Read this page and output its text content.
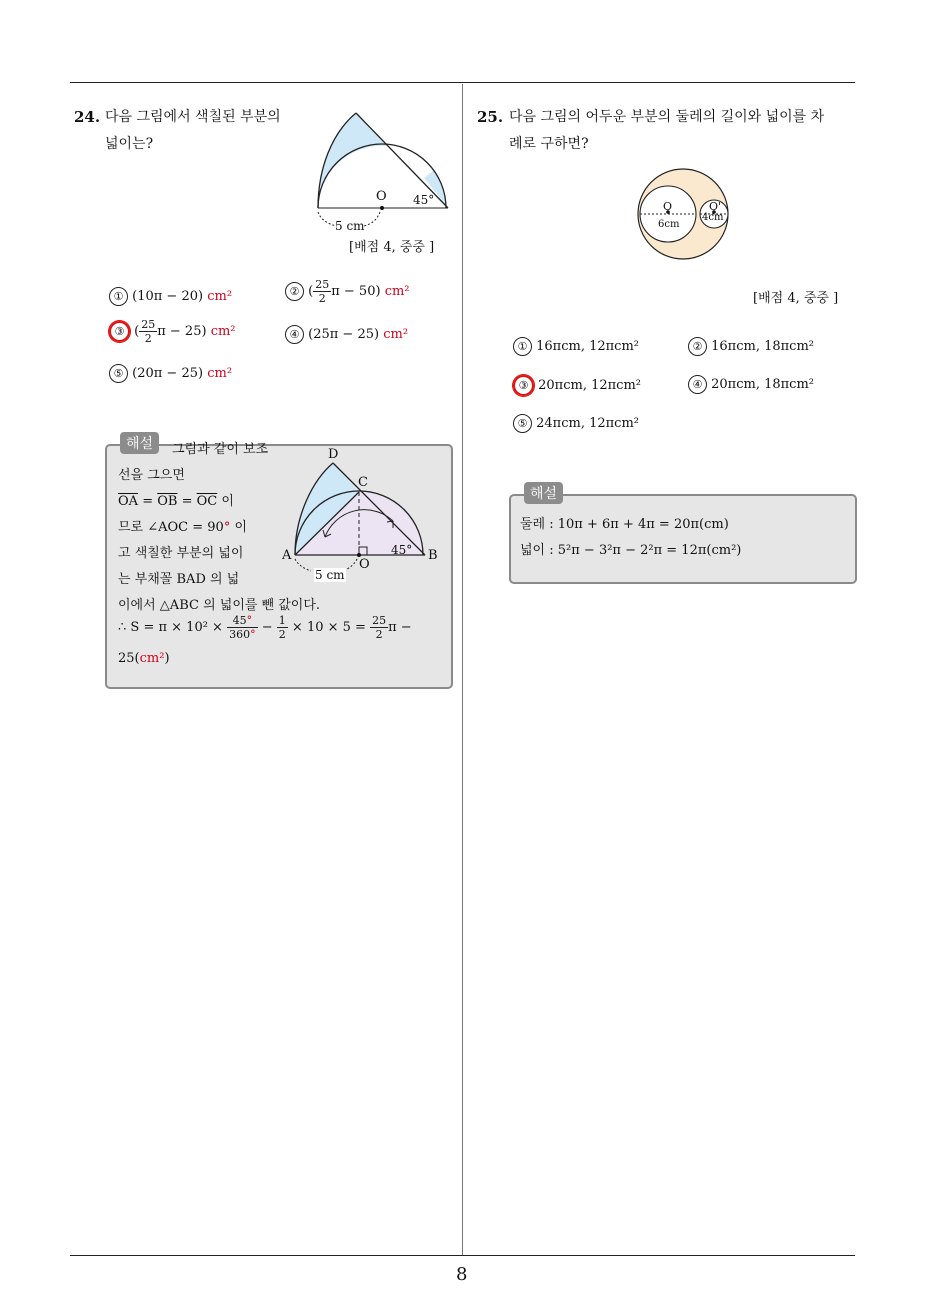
24. 다음 그림에서 색칠된 부분의
넓이는?
O 45°
5 cm
[배점 4, 중중 ]
① (10π − 20) cm²	② ( $\frac{25}{2}$ π − 50) cm²
③ ( $\frac{25}{2}$ π − 25) cm²	④ (25π − 25) cm²
⑤ (20π − 25) cm²
해설	그림과 같이 보조
선을 그으면
$\overline{OA} = \overline{OB} = \overline{OC}$ 이
므로 ∠AOC = 90° 이
고 색칠한 부분의 넓이
는 부채꼴 BAD 의 넓
이에서 △ABC 의 넓이를 뺀 값이다.
∴ $S = \pi \times 10^2 \times \frac{45^\circ}{360^\circ} - \frac{1}{2} \times 10 \times 5 = \frac{25}{2}$ π −
25(cm²)
D
C
A	B
O
45°
5 cm
25. 다음 그림의 어두운 부분의 둘레의 길이와 넓이를 차
례로 구하면?
O	O'
6cm
4cm
[배점 4, 중중 ]
① 16πcm, 12πcm²	② 16πcm, 18πcm²
③ 20πcm, 12πcm²	④ 20πcm, 18πcm²
⑤ 24πcm, 12πcm²
해설
둘레 : 10π + 6π + 4π = 20π(cm)
넓이 : 5²π − 3²π − 2²π = 12π(cm²)
8
